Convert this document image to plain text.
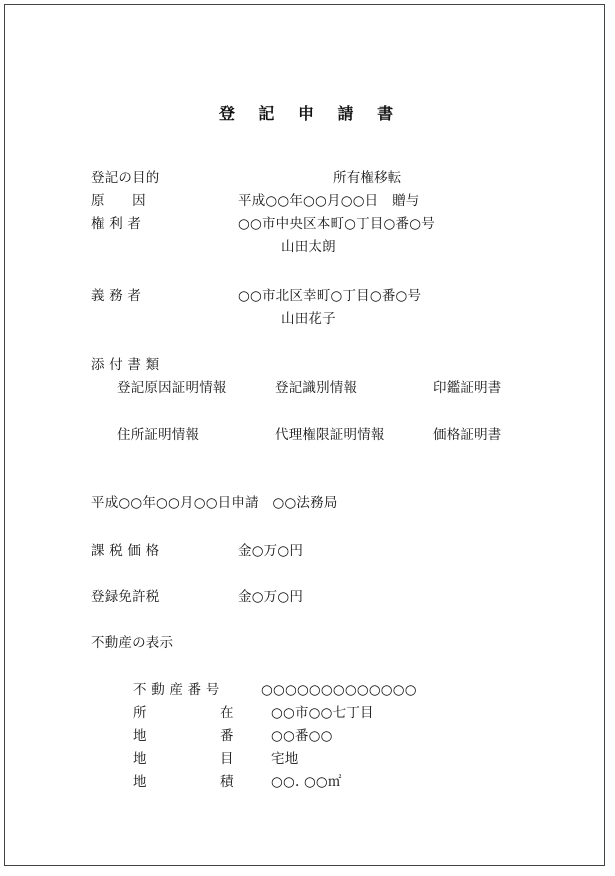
登 記 申 請 書
登記の目的	所有権移転
原　　因	平成○○年○○月○○日　贈与
権 利 者	○○市中央区本町○丁目○番○号
山田太朗
義 務 者	○○市北区幸町○丁目○番○号
山田花子
添 付 書 類
登記原因証明情報	登記識別情報	印鑑証明書
住所証明情報	代理権限証明情報	価格証明書
平成○○年○○月○○日申請　○○法務局
課 税 価 格	金○万○円
登録免許税	金○万○円
不動産の表示
不 動 産 番 号	○○○○○○○○○○○○○
所	在	○○市○○七丁目
地	番	○○番○○
地	目	宅地
地	積	○○. ○○㎡
